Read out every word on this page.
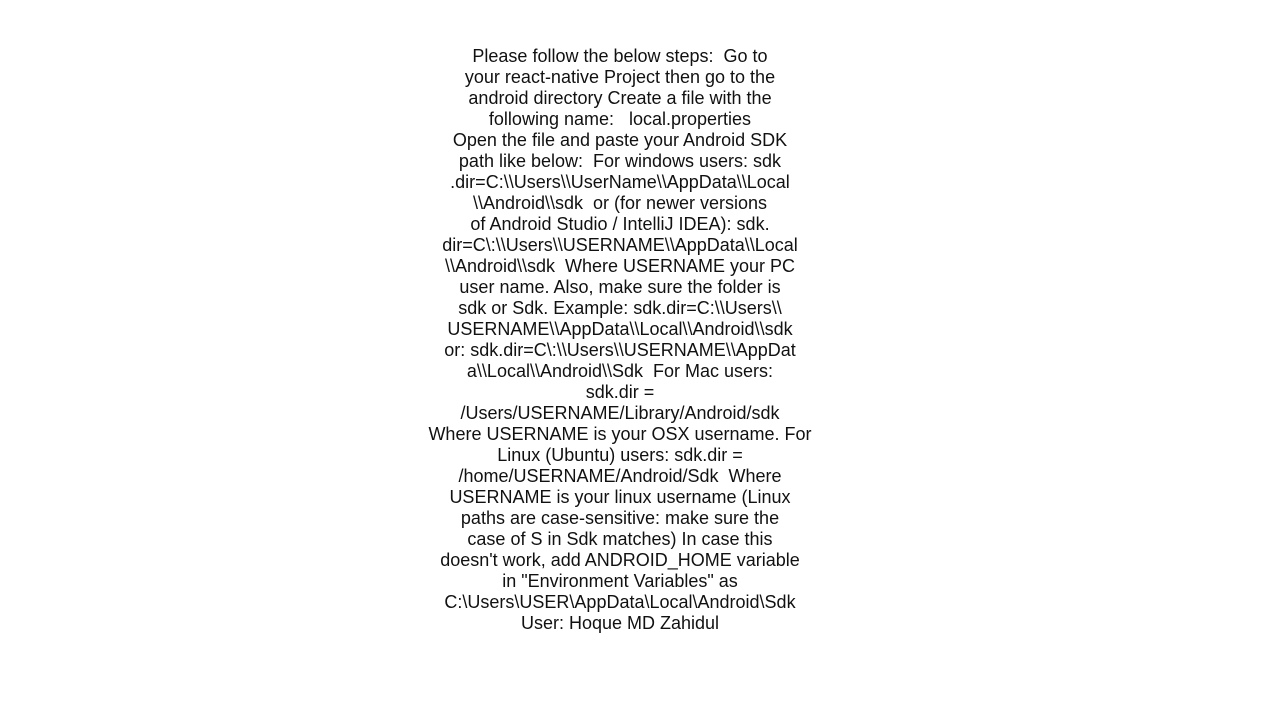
Please follow the below steps:  Go to
your react-native Project then go to the
android directory Create a file with the
following name:   local.properties
Open the file and paste your Android SDK
path like below:  For windows users: sdk
.dir=C:\\Users\\UserName\\AppData\\Local
\\Android\\sdk  or (for newer versions
of Android Studio / IntelliJ IDEA): sdk.
dir=C\:\\Users\\USERNAME\\AppData\\Local
\\Android\\sdk  Where USERNAME your PC
user name. Also, make sure the folder is
sdk or Sdk. Example: sdk.dir=C:\\Users\\
USERNAME\\AppData\\Local\\Android\\sdk
or: sdk.dir=C\:\\Users\\USERNAME\\AppDat
a\\Local\\Android\\Sdk  For Mac users:
sdk.dir =
/Users/USERNAME/Library/Android/sdk
Where USERNAME is your OSX username. For
Linux (Ubuntu) users: sdk.dir =
/home/USERNAME/Android/Sdk  Where
USERNAME is your linux username (Linux
paths are case-sensitive: make sure the
case of S in Sdk matches) In case this
doesn't work, add ANDROID_HOME variable
in "Environment Variables" as
C:\Users\USER\AppData\Local\Android\Sdk
User: Hoque MD Zahidul
